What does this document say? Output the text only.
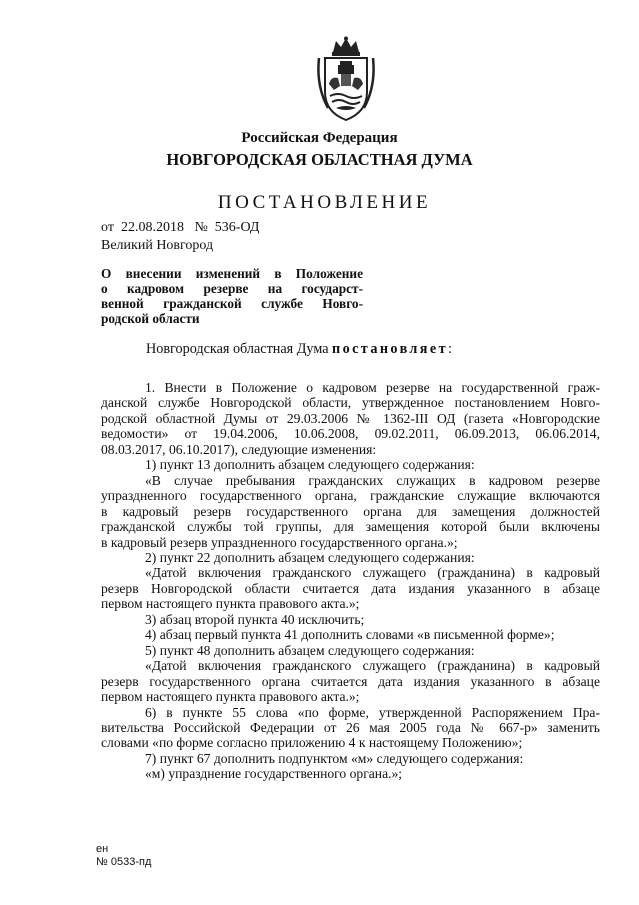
Российская Федерация
НОВГОРОДСКАЯ ОБЛАСТНАЯ ДУМА
ПОСТАНОВЛЕНИЕ
от 22.08.2018 № 536-ОД
Великий Новгород
О внесении изменений в Положение
о кадровом резерве на государст-
венной гражданской службе Новго-
родской области
Новгородская областная Дума постановляет:
1. Внести в Положение о кадровом резерве на государственной граж-
данской службе Новгородской области, утвержденное постановлением Новго-
родской областной Думы от 29.03.2006 № 1362-III ОД (газета «Новгородские
ведомости» от 19.04.2006, 10.06.2008, 09.02.2011, 06.09.2013, 06.06.2014,
08.03.2017, 06.10.2017), следующие изменения:
1) пункт 13 дополнить абзацем следующего содержания:
«В случае пребывания гражданских служащих в кадровом резерве
упраздненного государственного органа, гражданские служащие включаются
в кадровый резерв государственного органа для замещения должностей
гражданской службы той группы, для замещения которой были включены
в кадровый резерв упраздненного государственного органа.»;
2) пункт 22 дополнить абзацем следующего содержания:
«Датой включения гражданского служащего (гражданина) в кадровый
резерв Новгородской области считается дата издания указанного в абзаце
первом настоящего пункта правового акта.»;
3) абзац второй пункта 40 исключить;
4) абзац первый пункта 41 дополнить словами «в письменной форме»;
5) пункт 48 дополнить абзацем следующего содержания:
«Датой включения гражданского служащего (гражданина) в кадровый
резерв государственного органа считается дата издания указанного в абзаце
первом настоящего пункта правового акта.»;
6) в пункте 55 слова «по форме, утвержденной Распоряжением Пра-
вительства Российской Федерации от 26 мая 2005 года № 667-р» заменить
словами «по форме согласно приложению 4 к настоящему Положению»;
7) пункт 67 дополнить подпунктом «м» следующего содержания:
«м) упразднение государственного органа.»;
ен
№ 0533-пд
